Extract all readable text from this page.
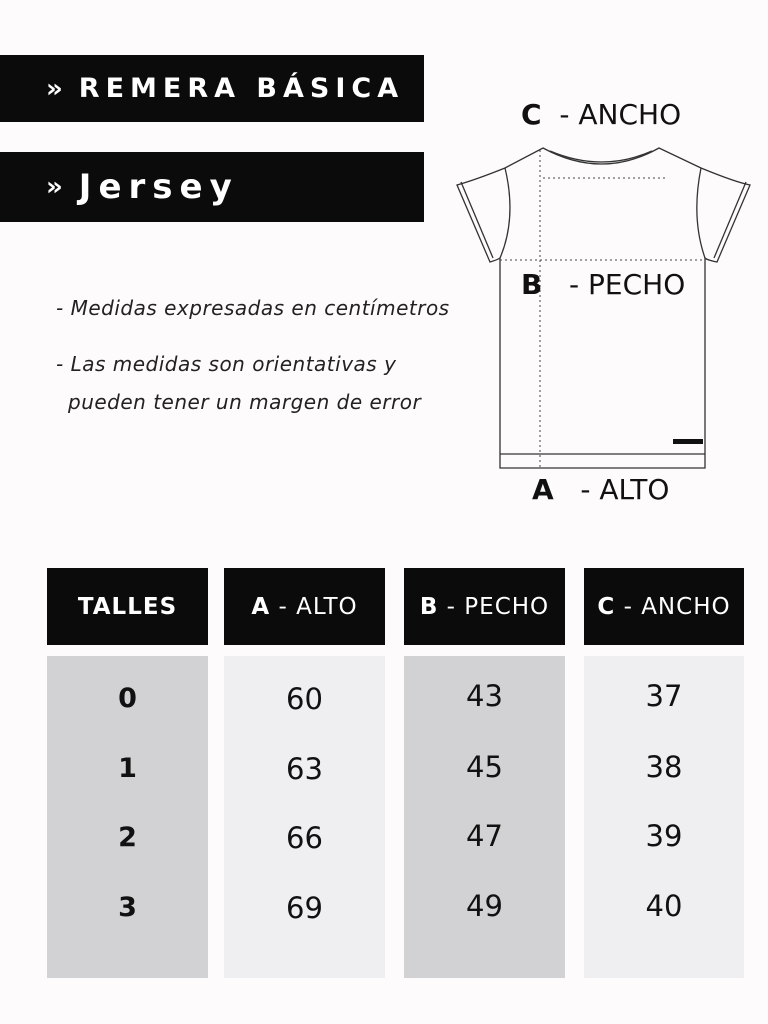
» REMERA BÁSICA
» Jersey
- Medidas expresadas en centímetros
- Las medidas son orientativas y
pueden tener un margen de error
C - ANCHO
B - PECHO
A - ALTO
TALLES	A - ALTO	B - PECHO C - ANCHO
0
1
2
3
60
63
66
69
43
45
47
49
37
38
39
40
